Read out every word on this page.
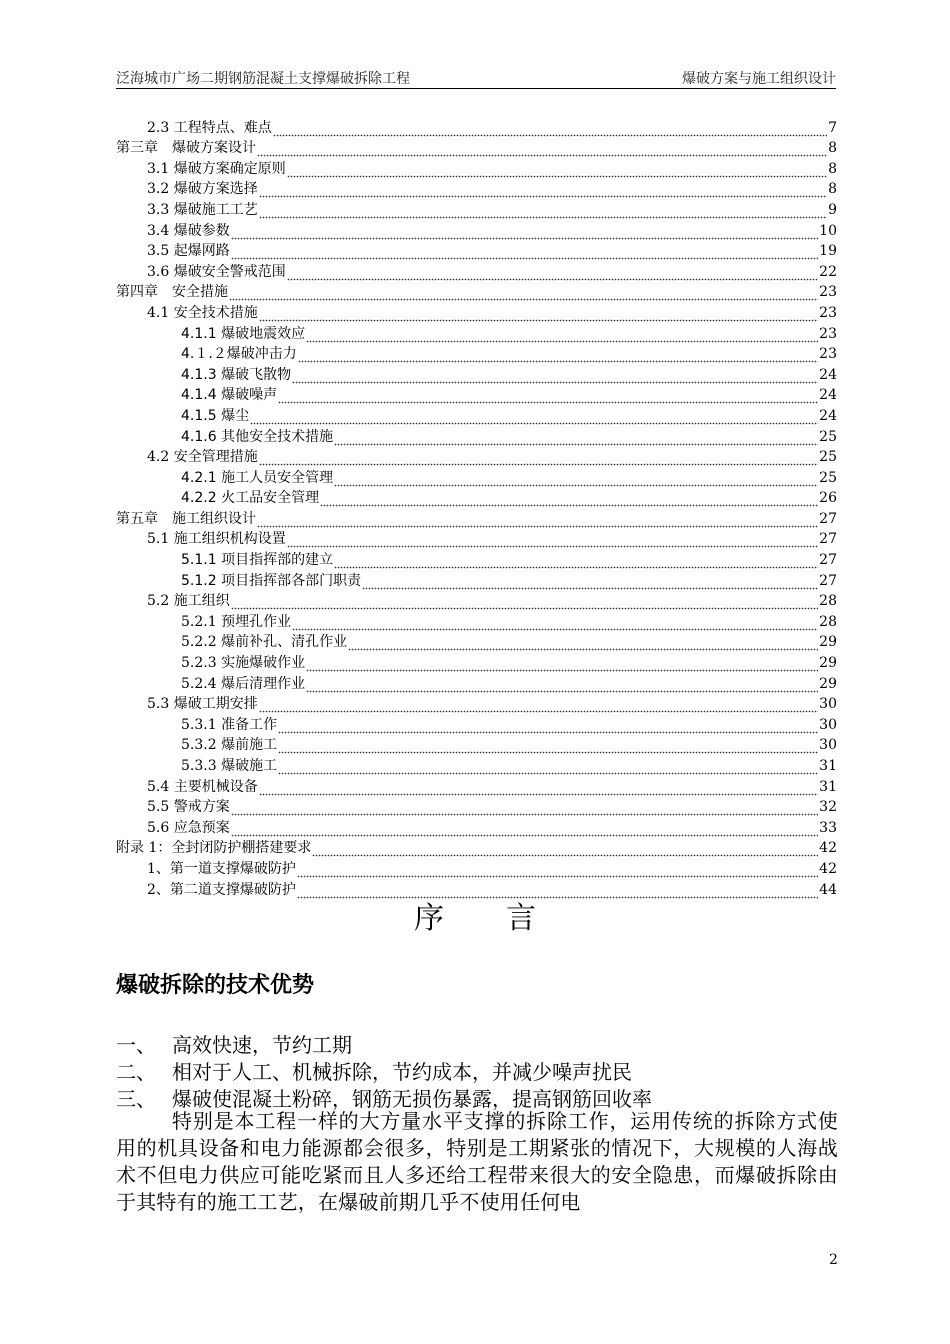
泛海城市广场二期钢筋混凝土支撑爆破拆除工程	爆破方案与施工组织设计
2.3 工程特点、难点	7
第三章　爆破方案设计	8
3.1 爆破方案确定原则	8
3.2 爆破方案选择	8
3.3 爆破施工工艺	9
3.4 爆破参数	10
3.5 起爆网路	19
3.6 爆破安全警戒范围	22
第四章　安全措施	23
4.1 安全技术措施	23
4.1.1 爆破地震效应	23
4.１.２爆破冲击力	23
4.1.3 爆破飞散物	24
4.1.4 爆破噪声	24
4.1.5 爆尘	24
4.1.6 其他安全技术措施	25
4.2 安全管理措施	25
4.2.1 施工人员安全管理	25
4.2.2 火工品安全管理	26
第五章　施工组织设计	27
5.1 施工组织机构设置	27
5.1.1 项目指挥部的建立	27
5.1.2 项目指挥部各部门职责	27
5.2 施工组织	28
5.2.1 预埋孔作业	28
5.2.2 爆前补孔、清孔作业	29
5.2.3 实施爆破作业	29
5.2.4 爆后清理作业	29
5.3 爆破工期安排	30
5.3.1 准备工作	30
5.3.2 爆前施工	30
5.3.3 爆破施工	31
5.4 主要机械设备	31
5.5 警戒方案	32
5.6 应急预案	33
附录 1：全封闭防护棚搭建要求	42
1、第一道支撑爆破防护	42
2、第二道支撑爆破防护	44
序 言
爆破拆除的技术优势
一、 高效快速，节约工期
二、 相对于人工、机械拆除，节约成本，并减少噪声扰民
三、 爆破使混凝土粉碎，钢筋无损伤暴露，提高钢筋回收率
特别是本工程一样的大方量水平支撑的拆除工作，运用传统的拆除方式使用的机具设备和电力能源都会很多，特别是工期紧张的情况下，大规模的人海战术不但电力供应可能吃紧而且人多还给工程带来很大的安全隐患，而爆破拆除由于其特有的施工工艺，在爆破前期几乎不使用任何电
2
